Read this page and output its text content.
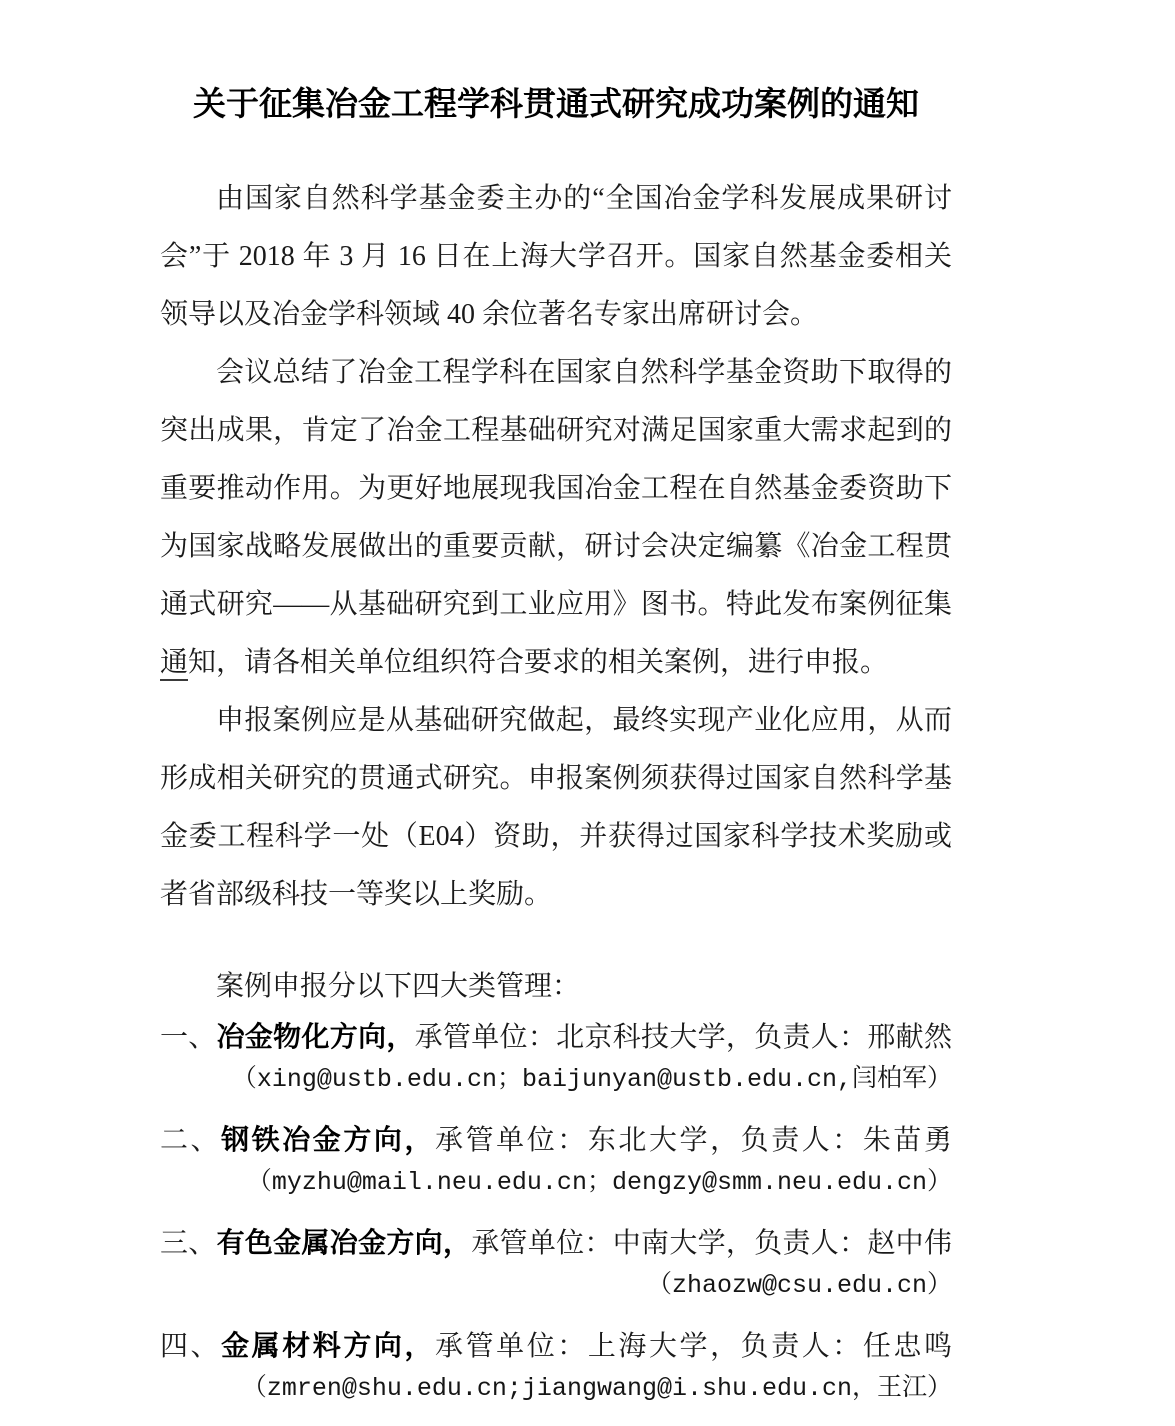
关于征集冶金工程学科贯通式研究成功案例的通知

由国家自然科学基金委主办的“全国冶金学科发展成果研讨会”于 2018 年 3 月 16 日在上海大学召开。国家自然基金委相关领导以及冶金学科领域 40 余位著名专家出席研讨会。

会议总结了冶金工程学科在国家自然科学基金资助下取得的突出成果，肯定了冶金工程基础研究对满足国家重大需求起到的重要推动作用。为更好地展现我国冶金工程在自然基金委资助下为国家战略发展做出的重要贡献，研讨会决定编纂《冶金工程贯通式研究——从基础研究到工业应用》图书。特此发布案例征集通知，请各相关单位组织符合要求的相关案例，进行申报。

申报案例应是从基础研究做起，最终实现产业化应用，从而形成相关研究的贯通式研究。申报案例须获得过国家自然科学基金委工程科学一处（E04）资助，并获得过国家科学技术奖励或者省部级科技一等奖以上奖励。

案例申报分以下四大类管理：

一、冶金物化方向，承管单位：北京科技大学，负责人：邢献然
（xing@ustb.edu.cn；baijunyan@ustb.edu.cn,闫柏军）
二、钢铁冶金方向，承管单位：东北大学，负责人：朱苗勇
（myzhu@mail.neu.edu.cn；dengzy@smm.neu.edu.cn）
三、有色金属冶金方向，承管单位：中南大学，负责人：赵中伟
（zhaozw@csu.edu.cn）
四、金属材料方向，承管单位：上海大学，负责人：任忠鸣
（zmren@shu.edu.cn;jiangwang@i.shu.edu.cn，王江）
